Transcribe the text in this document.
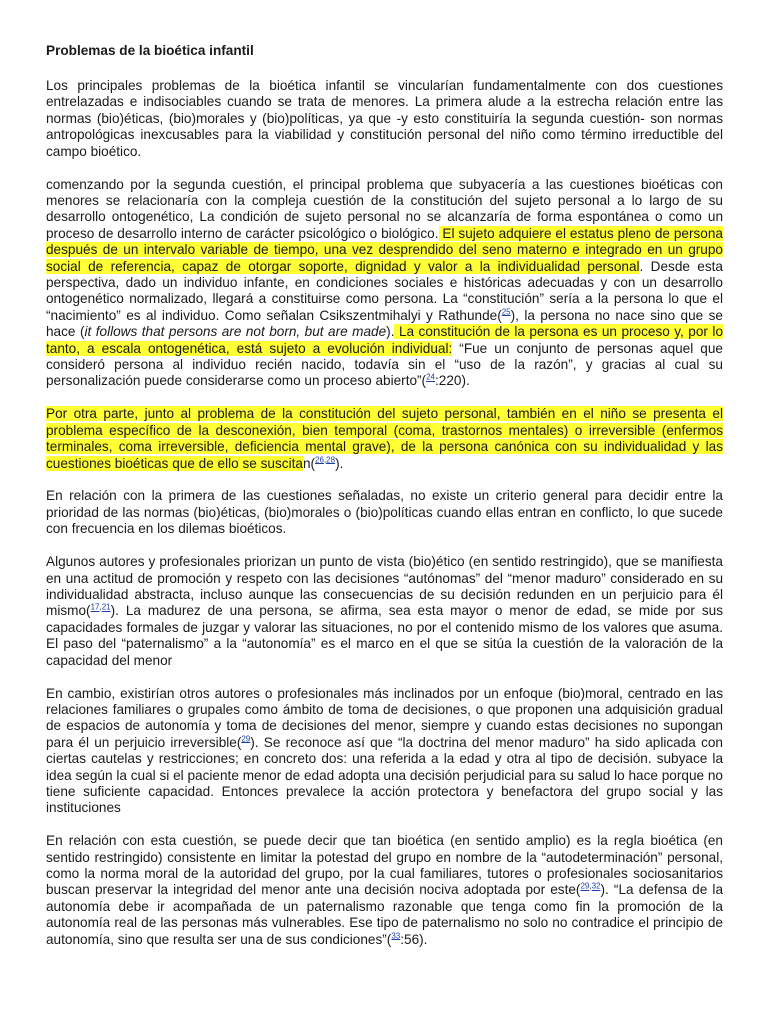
Problemas de la bioética infantil

Los principales problemas de la bioética infantil se vincularían fundamentalmente con dos cuestiones entrelazadas e indisociables cuando se trata de menores. La primera alude a la estrecha relación entre las normas (bio)éticas, (bio)morales y (bio)políticas, ya que -y esto constituiría la segunda cuestión- son normas antropológicas inexcusables para la viabilidad y constitución personal del niño como término irreductible del campo bioético.

comenzando por la segunda cuestión, el principal problema que subyacería a las cuestiones bioéticas con menores se relacionaría con la compleja cuestión de la constitución del sujeto personal a lo largo de su desarrollo ontogenético, La condición de sujeto personal no se alcanzaría de forma espontánea o como un proceso de desarrollo interno de carácter psicológico o biológico. El sujeto adquiere el estatus pleno de persona después de un intervalo variable de tiempo, una vez desprendido del seno materno e integrado en un grupo social de referencia, capaz de otorgar soporte, dignidad y valor a la individualidad personal. Desde esta perspectiva, dado un individuo infante, en condiciones sociales e históricas adecuadas y con un desarrollo ontogenético normalizado, llegará a constituirse como persona. La “constitución” sería a la persona lo que el “nacimiento” es al individuo. Como señalan Csikszentmihalyi y Rathunde($^{25}$), la persona no nace sino que se hace (it follows that persons are not born, but are made). La constitución de la persona es un proceso y, por lo tanto, a escala ontogenética, está sujeto a evolución individual: “Fue un conjunto de personas aquel que consideró persona al individuo recién nacido, todavía sin el “uso de la razón”, y gracias al cual su personalización puede considerarse como un proceso abierto”($^{24}$:220).

Por otra parte, junto al problema de la constitución del sujeto personal, también en el niño se presenta el problema específico de la desconexión, bien temporal (coma, trastornos mentales) o irreversible (enfermos terminales, coma irreversible, deficiencia mental grave), de la persona canónica con su individualidad y las cuestiones bioéticas que de ello se suscitan($^{26,28}$).

En relación con la primera de las cuestiones señaladas, no existe un criterio general para decidir entre la prioridad de las normas (bio)éticas, (bio)morales o (bio)políticas cuando ellas entran en conflicto, lo que sucede con frecuencia en los dilemas bioéticos.

Algunos autores y profesionales priorizan un punto de vista (bio)ético (en sentido restringido), que se manifiesta en una actitud de promoción y respeto con las decisiones “autónomas” del “menor maduro” considerado en su individualidad abstracta, incluso aunque las consecuencias de su decisión redunden en un perjuicio para él mismo($^{17,21}$). La madurez de una persona, se afirma, sea esta mayor o menor de edad, se mide por sus capacidades formales de juzgar y valorar las situaciones, no por el contenido mismo de los valores que asuma. El paso del “paternalismo” a la “autonomía” es el marco en el que se sitúa la cuestión de la valoración de la capacidad del menor

En cambio, existirían otros autores o profesionales más inclinados por un enfoque (bio)moral, centrado en las relaciones familiares o grupales como ámbito de toma de decisiones, o que proponen una adquisición gradual de espacios de autonomía y toma de decisiones del menor, siempre y cuando estas decisiones no supongan para él un perjuicio irreversible($^{29}$). Se reconoce así que “la doctrina del menor maduro” ha sido aplicada con ciertas cautelas y restricciones; en concreto dos: una referida a la edad y otra al tipo de decisión. subyace la idea según la cual si el paciente menor de edad adopta una decisión perjudicial para su salud lo hace porque no tiene suficiente capacidad. Entonces prevalece la acción protectora y benefactora del grupo social y las instituciones

En relación con esta cuestión, se puede decir que tan bioética (en sentido amplio) es la regla bioética (en sentido restringido) consistente en limitar la potestad del grupo en nombre de la “autodeterminación” personal, como la norma moral de la autoridad del grupo, por la cual familiares, tutores o profesionales sociosanitarios buscan preservar la integridad del menor ante una decisión nociva adoptada por este($^{29,32}$). “La defensa de la autonomía debe ir acompañada de un paternalismo razonable que tenga como fin la promoción de la autonomía real de las personas más vulnerables. Ese tipo de paternalismo no solo no contradice el principio de autonomía, sino que resulta ser una de sus condiciones”($^{33}$:56).
